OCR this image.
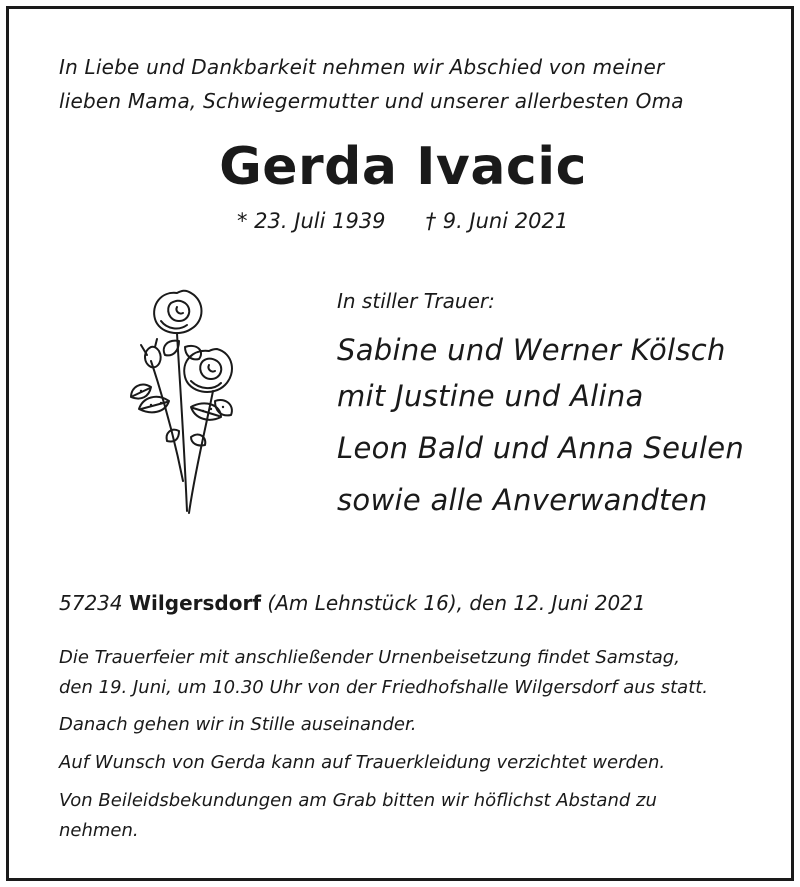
In Liebe und Dankbarkeit nehmen wir Abschied von meiner
lieben Mama, Schwiegermutter und unserer allerbesten Oma
Gerda Ivacic
* 23. Juli 1939 † 9. Juni 2021
In stiller Trauer:
Sabine und Werner Kölsch
mit Justine und Alina
Leon Bald und Anna Seulen
sowie alle Anverwandten
57234 Wilgersdorf (Am Lehnstück 16), den 12. Juni 2021
Die Trauerfeier mit anschließender Urnenbeisetzung findet Samstag,
den 19. Juni, um 10.30 Uhr von der Friedhofshalle Wilgersdorf aus statt.
Danach gehen wir in Stille auseinander.
Auf Wunsch von Gerda kann auf Trauerkleidung verzichtet werden.
Von Beileidsbekundungen am Grab bitten wir höflichst Abstand zu
nehmen.
